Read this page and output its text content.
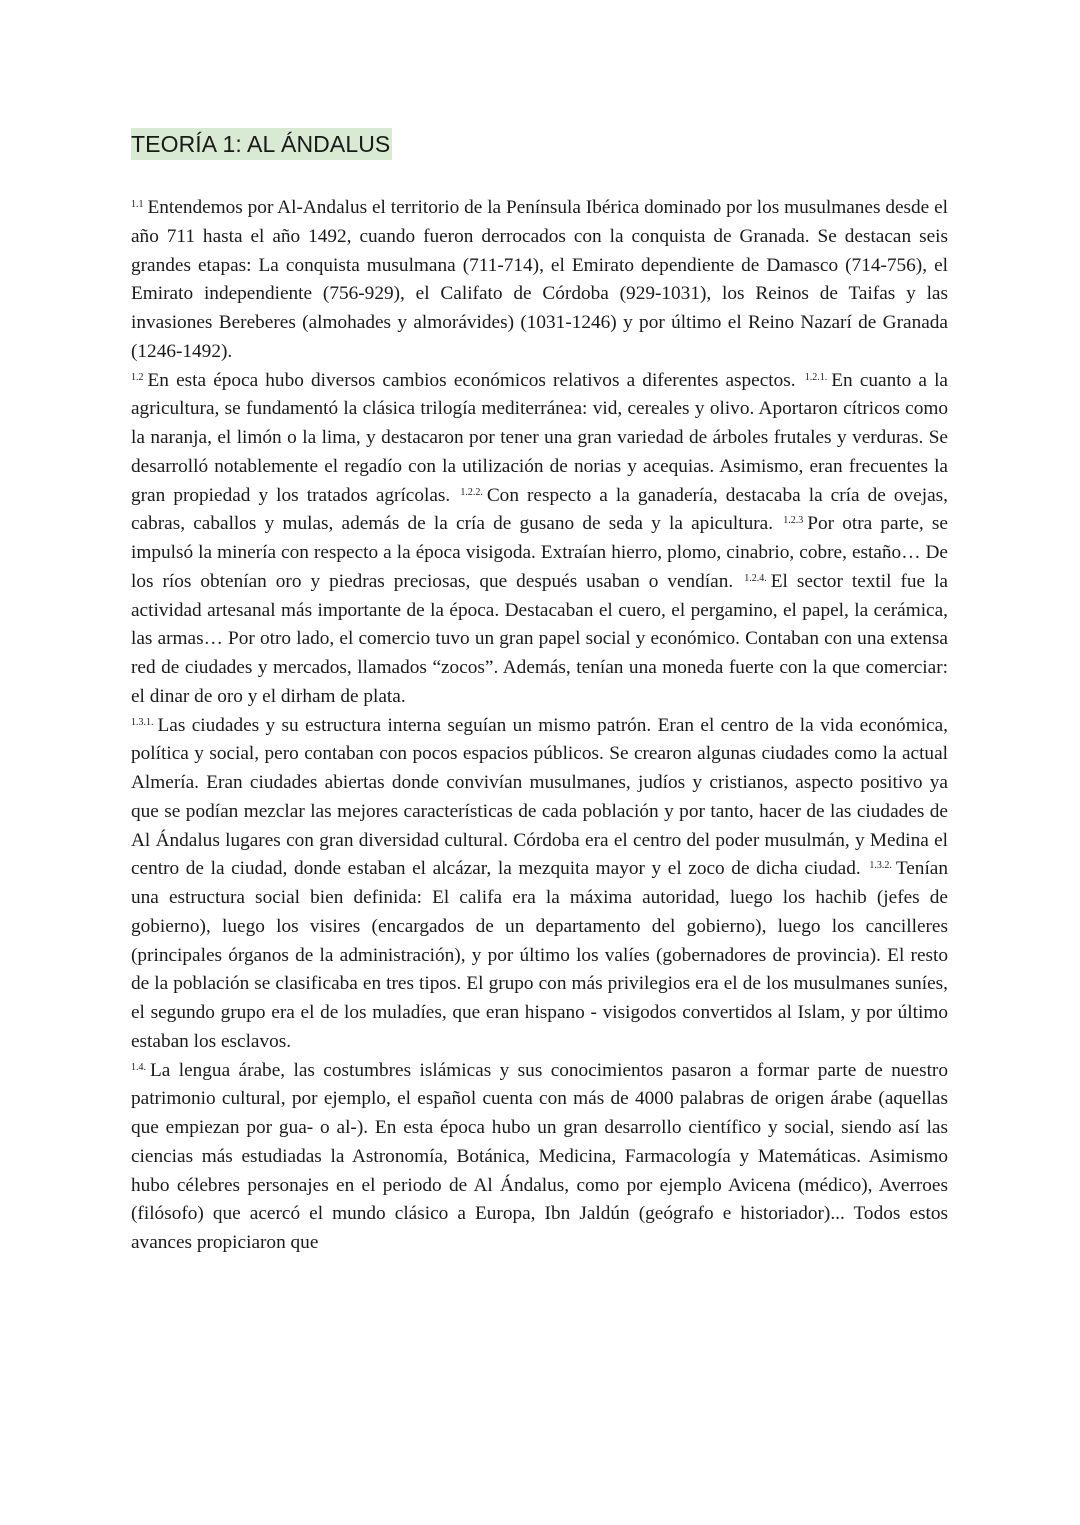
TEORÍA 1: AL ÁNDALUS

$^{1.1}$ Entendemos por Al-Andalus el territorio de la Península Ibérica dominado por los musulmanes desde el año 711 hasta el año 1492, cuando fueron derrocados con la conquista de Granada. Se destacan seis grandes etapas: La conquista musulmana (711-714), el Emirato dependiente de Damasco (714-756), el Emirato independiente (756-929), el Califato de Córdoba (929-1031), los Reinos de Taifas y las invasiones Bereberes (almohades y almorávides) (1031-1246) y por último el Reino Nazarí de Granada (1246-1492).

$^{1.2}$ En esta época hubo diversos cambios económicos relativos a diferentes aspectos. $^{1.2.1.}$ En cuanto a la agricultura, se fundamentó la clásica trilogía mediterránea: vid, cereales y olivo. Aportaron cítricos como la naranja, el limón o la lima, y destacaron por tener una gran variedad de árboles frutales y verduras. Se desarrolló notablemente el regadío con la utilización de norias y acequias. Asimismo, eran frecuentes la gran propiedad y los tratados agrícolas. $^{1.2.2.}$ Con respecto a la ganadería, destacaba la cría de ovejas, cabras, caballos y mulas, además de la cría de gusano de seda y la apicultura. $^{1.2.3}$ Por otra parte, se impulsó la minería con respecto a la época visigoda. Extraían hierro, plomo, cinabrio, cobre, estaño… De los ríos obtenían oro y piedras preciosas, que después usaban o vendían. $^{1.2.4.}$ El sector textil fue la actividad artesanal más importante de la época. Destacaban el cuero, el pergamino, el papel, la cerámica, las armas… Por otro lado, el comercio tuvo un gran papel social y económico. Contaban con una extensa red de ciudades y mercados, llamados “zocos”. Además, tenían una moneda fuerte con la que comerciar: el dinar de oro y el dirham de plata.

$^{1.3.1.}$ Las ciudades y su estructura interna seguían un mismo patrón. Eran el centro de la vida económica, política y social, pero contaban con pocos espacios públicos. Se crearon algunas ciudades como la actual Almería. Eran ciudades abiertas donde convivían musulmanes, judíos y cristianos, aspecto positivo ya que se podían mezclar las mejores características de cada población y por tanto, hacer de las ciudades de Al Ándalus lugares con gran diversidad cultural. Córdoba era el centro del poder musulmán, y Medina el centro de la ciudad, donde estaban el alcázar, la mezquita mayor y el zoco de dicha ciudad. $^{1.3.2.}$ Tenían una estructura social bien definida: El califa era la máxima autoridad, luego los hachib (jefes de gobierno), luego los visires (encargados de un departamento del gobierno), luego los cancilleres (principales órganos de la administración), y por último los valíes (gobernadores de provincia). El resto de la población se clasificaba en tres tipos. El grupo con más privilegios era el de los musulmanes suníes, el segundo grupo era el de los muladíes, que eran hispano - visigodos convertidos al Islam, y por último estaban los esclavos.

$^{1.4.}$ La lengua árabe, las costumbres islámicas y sus conocimientos pasaron a formar parte de nuestro patrimonio cultural, por ejemplo, el español cuenta con más de 4000 palabras de origen árabe (aquellas que empiezan por gua- o al-). En esta época hubo un gran desarrollo científico y social, siendo así las ciencias más estudiadas la Astronomía, Botánica, Medicina, Farmacología y Matemáticas. Asimismo hubo célebres personajes en el periodo de Al Ándalus, como por ejemplo Avicena (médico), Averroes (filósofo) que acercó el mundo clásico a Europa, Ibn Jaldún (geógrafo e historiador)... Todos estos avances propiciaron que
